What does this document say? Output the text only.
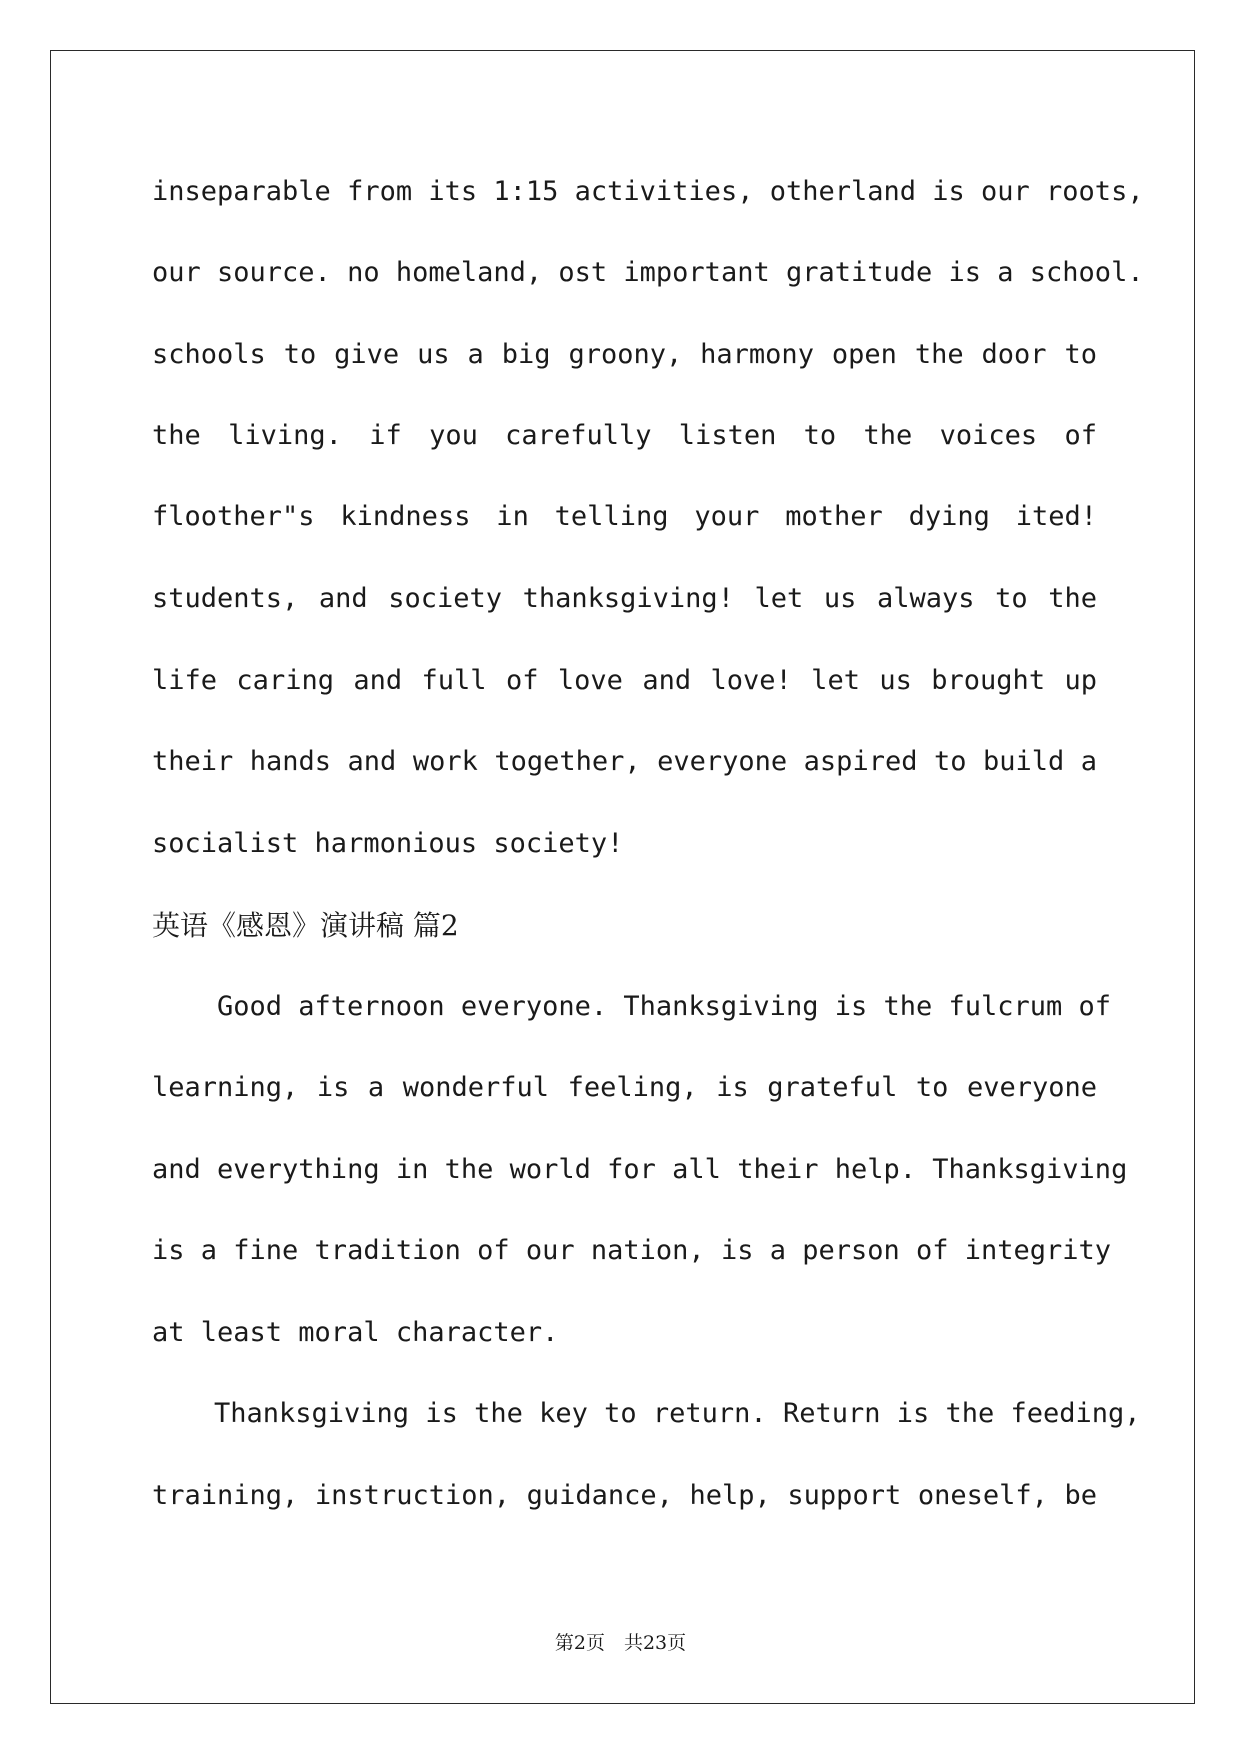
inseparable from its 1:15 activities, otherland is our roots,
our source. no homeland, ost important gratitude is a school.
schools to give us a big groony, harmony open the door to
the living. if you carefully listen to the voices of
floother"s kindness in telling your mother dying ited!
students, and society thanksgiving! let us always to the
life caring and full of love and love! let us brought up
their hands and work together, everyone aspired to build a
socialist harmonious society!
英语《感恩》演讲稿 篇2
Good afternoon everyone. Thanksgiving is the fulcrum of
learning, is a wonderful feeling, is grateful to everyone
and everything in the world for all their help. Thanksgiving
is a fine tradition of our nation, is a person of integrity
at least moral character.
Thanksgiving is the key to return. Return is the feeding,
training, instruction, guidance, help, support oneself, be
第2页　共23页
